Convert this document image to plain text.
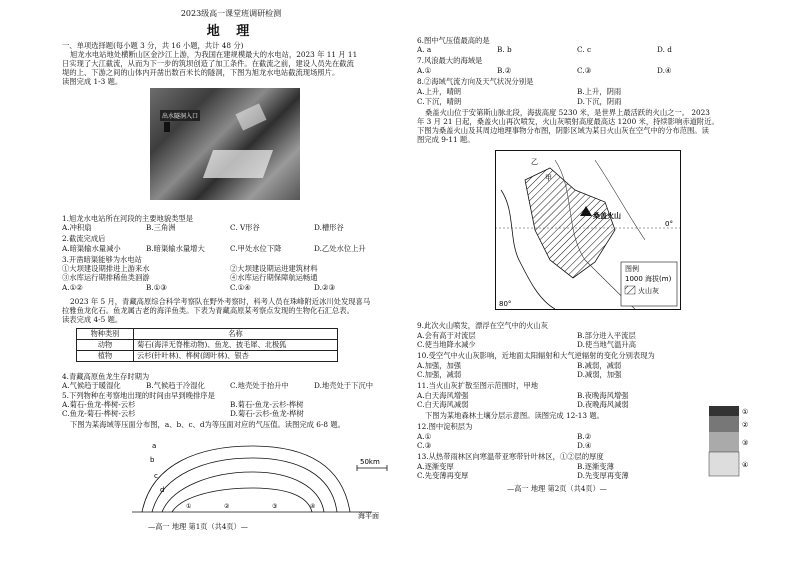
2023级高一课堂班调研检测
地 理
一、单项选择题(每小题 3 分，共 16 小题，共计 48 分)
旭龙水电站地处横断山区金沙江上游，为我国在建规模最大的水电站，2023 年 11 月 11
日实现了大江截流，从而为下一步的筑坝创造了加工条件。在截流之前，建设人员先在截流
堤的上、下游之间的山体内开凿出数百米长的隧洞，下图为旭龙水电站截流现场照片。
读图完成 1-3 题。
出水隧洞入口
1.旭龙水电站所在河段的主要地貌类型是
A.冲积扇	B.三角洲	C. V形谷	D.槽形谷
2.截流完成后
A.暗渠输水量减小	B.暗渠输水量增大	C.甲处水位下降	D.乙处水位上升
3.开凿暗渠能够为水电站
①大坝建设期排进上游来水	②大坝建设期运进建筑材料
③水库运行期排稀鱼类洄游	④水库运行期保障航运畅通
A.①②	B.①③	C.①④	D.②③
2023 年 5 月，青藏高原综合科学考察队在野外考察时，科考人员在珠峰附近冰川处发现喜马
拉雅鱼龙化石。鱼龙属古老的海洋鱼类。下表为青藏高原某考察点发现的生物化石汇总表。
读表完成 4-5 题。
物种类别	名称
动物	菊石(海洋无脊椎动物)、鱼龙、披毛犀、北极狐
植物	云杉(针叶林)、桦树(阔叶林)、银杏
4.青藏高原鱼龙生存时期为
A.气候趋于暖湿化	B.气候趋于冷湿化	C.地壳处于抬升中	D.地壳处于下沉中
5.下列物种在考察地出现的时间由早到晚排序是
A.菊石-鱼龙-桦树-云杉	B.菊石-鱼龙-云杉-桦树
C.鱼龙-菊石-桦树-云杉	D.菊石-云杉-鱼龙-桦树
下图为某海域等压面分布图，a、b、c、d为等压面对应的气压值。读图完成 6-8 题。
a
b
c
d
50km
海平面
①	②	③	④
—高一 地理 第1页（共4页）—
6.图中气压值最高的是
A. a	B. b	C. c	D. d
7.风浪最大的海域是
A.①	B.②	C.③	D.④
8.②海域气流方向及天气状况分别是
A.上升，晴朗	B.上升，阴雨
C.下沉，晴朗	D.下沉，阴雨
桑盖火山位于安第斯山脉北段，海拔高度 5230 米，是世界上最活跃的火山之一。 2023
年 3 月 21 日起，桑盖火山再次喷发，火山灰喷射高度最高达 1200 米，持续影响赤道附近。
下图为桑盖火山及其周边地理事物分布图，阴影区域为某日火山灰在空气中的分布范围。读
图完成 9-11 题。
桑盖火山
甲
乙
0°
80°
图例
1000 海拔(m)
火山灰
9.此次火山喷发，漂浮在空气中的火山灰
A.会有高于对流层	B.部分进入平流层
C.使当地降水减少	D.使当地气温升高
10.受空气中火山灰影响，近地面太阳辐射和大气逆辐射的变化分别表现为
A.加强，加强	B.减弱，减弱
C.加强，减弱	D.减弱，加强
11.当火山灰扩散至图示范围时，甲地
A.白天海风增强	B.夜晚海风增强
C.白天海风减弱	D.夜晚海风减弱
下图为某地森林土壤分层示意图。读图完成 12-13 题。
12.图中淀积层为
A.①	B.②
C.③	D.④
13.从热带雨林区向寒温带亚寒带针叶林区，①②层的厚度
A.逐渐变厚	B.逐渐变薄
C.先变薄再变厚	D.先变厚再变薄
①
②
③
④
—高一 地理 第2页（共4页）—
